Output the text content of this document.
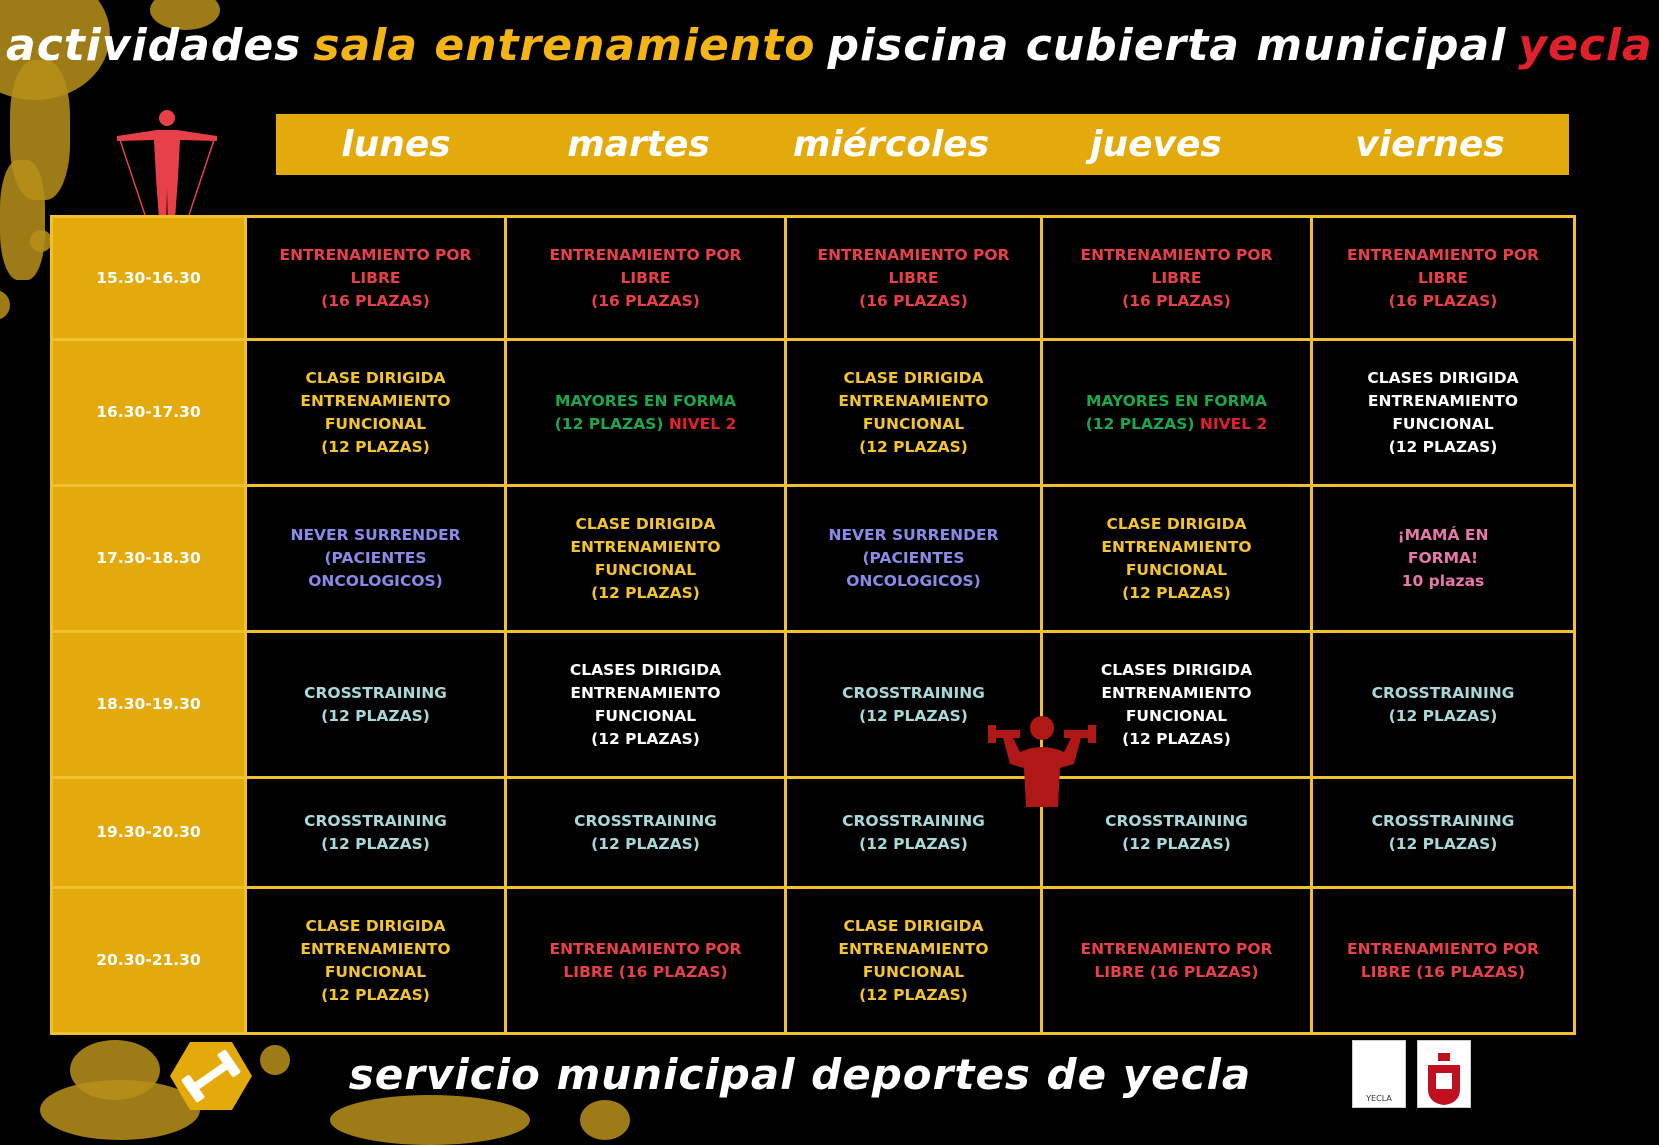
actividades sala entrenamiento piscina cubierta municipal yecla
lunes	martes	miércoles	jueves	viernes
15.30-16.30	ENTRENAMIENTO POR
LIBRE
(16 PLAZAS)	ENTRENAMIENTO POR
LIBRE
(16 PLAZAS)	ENTRENAMIENTO POR
LIBRE
(16 PLAZAS)	ENTRENAMIENTO POR
LIBRE
(16 PLAZAS)	ENTRENAMIENTO POR
LIBRE
(16 PLAZAS)

16.30-17.30	CLASE DIRIGIDA
ENTRENAMIENTO
FUNCIONAL
(12 PLAZAS)	MAYORES EN FORMA
(12 PLAZAS) NIVEL 2	CLASE DIRIGIDA
ENTRENAMIENTO
FUNCIONAL
(12 PLAZAS)	MAYORES EN FORMA
(12 PLAZAS) NIVEL 2	CLASES DIRIGIDA
ENTRENAMIENTO
FUNCIONAL
(12 PLAZAS)

17.30-18.30	NEVER SURRENDER
(PACIENTES
ONCOLOGICOS)	CLASE DIRIGIDA
ENTRENAMIENTO
FUNCIONAL
(12 PLAZAS)	NEVER SURRENDER
(PACIENTES
ONCOLOGICOS)	CLASE DIRIGIDA
ENTRENAMIENTO
FUNCIONAL
(12 PLAZAS)	¡MAMÁ EN
FORMA!
10 plazas

18.30-19.30	CROSSTRAINING
(12 PLAZAS)	CLASES DIRIGIDA
ENTRENAMIENTO
FUNCIONAL
(12 PLAZAS)	CROSSTRAINING
(12 PLAZAS)	CLASES DIRIGIDA
ENTRENAMIENTO
FUNCIONAL
(12 PLAZAS)	CROSSTRAINING
(12 PLAZAS)

19.30-20.30	CROSSTRAINING
(12 PLAZAS)	CROSSTRAINING
(12 PLAZAS)	CROSSTRAINING
(12 PLAZAS)	CROSSTRAINING
(12 PLAZAS)	CROSSTRAINING
(12 PLAZAS)

20.30-21.30	CLASE DIRIGIDA
ENTRENAMIENTO
FUNCIONAL
(12 PLAZAS)	ENTRENAMIENTO POR
LIBRE (16 PLAZAS)	CLASE DIRIGIDA
ENTRENAMIENTO
FUNCIONAL
(12 PLAZAS)	ENTRENAMIENTO POR
LIBRE (16 PLAZAS)	ENTRENAMIENTO POR
LIBRE (16 PLAZAS)
servicio municipal deportes de yecla	YECLA
